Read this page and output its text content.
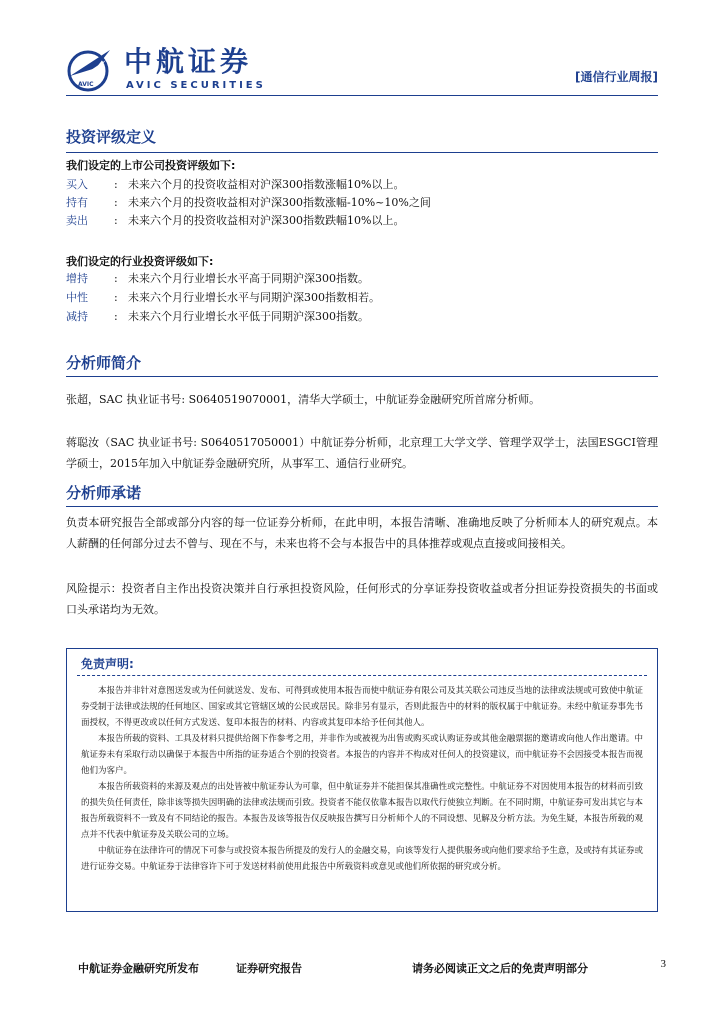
AVIC
中航证券
AVIC SECURITIES
[通信行业周报]
投资评级定义
我们设定的上市公司投资评级如下:
买入 : 未来六个月的投资收益相对沪深300指数涨幅10%以上。
持有 : 未来六个月的投资收益相对沪深300指数涨幅-10%~10%之间
卖出 : 未来六个月的投资收益相对沪深300指数跌幅10%以上。
我们设定的行业投资评级如下:
增持 : 未来六个月行业增长水平高于同期沪深300指数。
中性 : 未来六个月行业增长水平与同期沪深300指数相若。
减持 : 未来六个月行业增长水平低于同期沪深300指数。
分析师简介
张超，SAC 执业证书号: S0640519070001，清华大学硕士，中航证券金融研究所首席分析师。
蒋聪汝（SAC 执业证书号: S0640517050001）中航证券分析师，北京理工大学文学、管理学双学士，法国ESGCI管理学硕士，2015年加入中航证券金融研究所，从事军工、通信行业研究。
分析师承诺
负责本研究报告全部或部分内容的每一位证券分析师，在此申明，本报告清晰、准确地反映了分析师本人的研究观点。本人薪酬的任何部分过去不曾与、现在不与，未来也将不会与本报告中的具体推荐或观点直接或间接相关。
风险提示：投资者自主作出投资决策并自行承担投资风险，任何形式的分享证券投资收益或者分担证券投资损失的书面或口头承诺均为无效。
免责声明:

本报告并非针对意图送发或为任何就送发、发布、可得到或使用本报告而使中航证券有限公司及其关联公司违反当地的法律或法规或可致使中航证券受制于法律或法规的任何地区、国家或其它管辖区域的公民或居民。除非另有显示，否则此报告中的材料的版权属于中航证券。未经中航证券事先书面授权，不得更改或以任何方式发送、复印本报告的材料、内容或其复印本给予任何其他人。

本报告所载的资料、工具及材料只提供给阁下作参考之用，并非作为或被视为出售或购买或认购证券或其他金融票据的邀请或向他人作出邀请。中航证券未有采取行动以确保于本报告中所指的证券适合个别的投资者。本报告的内容并不构成对任何人的投资建议，而中航证券不会因接受本报告而视他们为客户。

本报告所载资料的来源及观点的出处皆被中航证券认为可靠，但中航证券并不能担保其准确性或完整性。中航证券不对因使用本报告的材料而引致的损失负任何责任，除非该等损失因明确的法律或法规而引致。投资者不能仅依靠本报告以取代行使独立判断。在不同时期，中航证券可发出其它与本报告所载资料不一致及有不同结论的报告。本报告及该等报告仅反映报告撰写日分析师个人的不同设想、见解及分析方法。为免生疑，本报告所载的观点并不代表中航证券及关联公司的立场。

中航证券在法律许可的情况下可参与或投资本报告所提及的发行人的金融交易，向该等发行人提供服务或向他们要求给予生意，及或持有其证券或进行证券交易。中航证券于法律容许下可于发送材料前使用此报告中所载资料或意见或他们所依据的研究或分析。

中航证券金融研究所发布	证券研究报告	请务必阅读正文之后的免责声明部分	3
